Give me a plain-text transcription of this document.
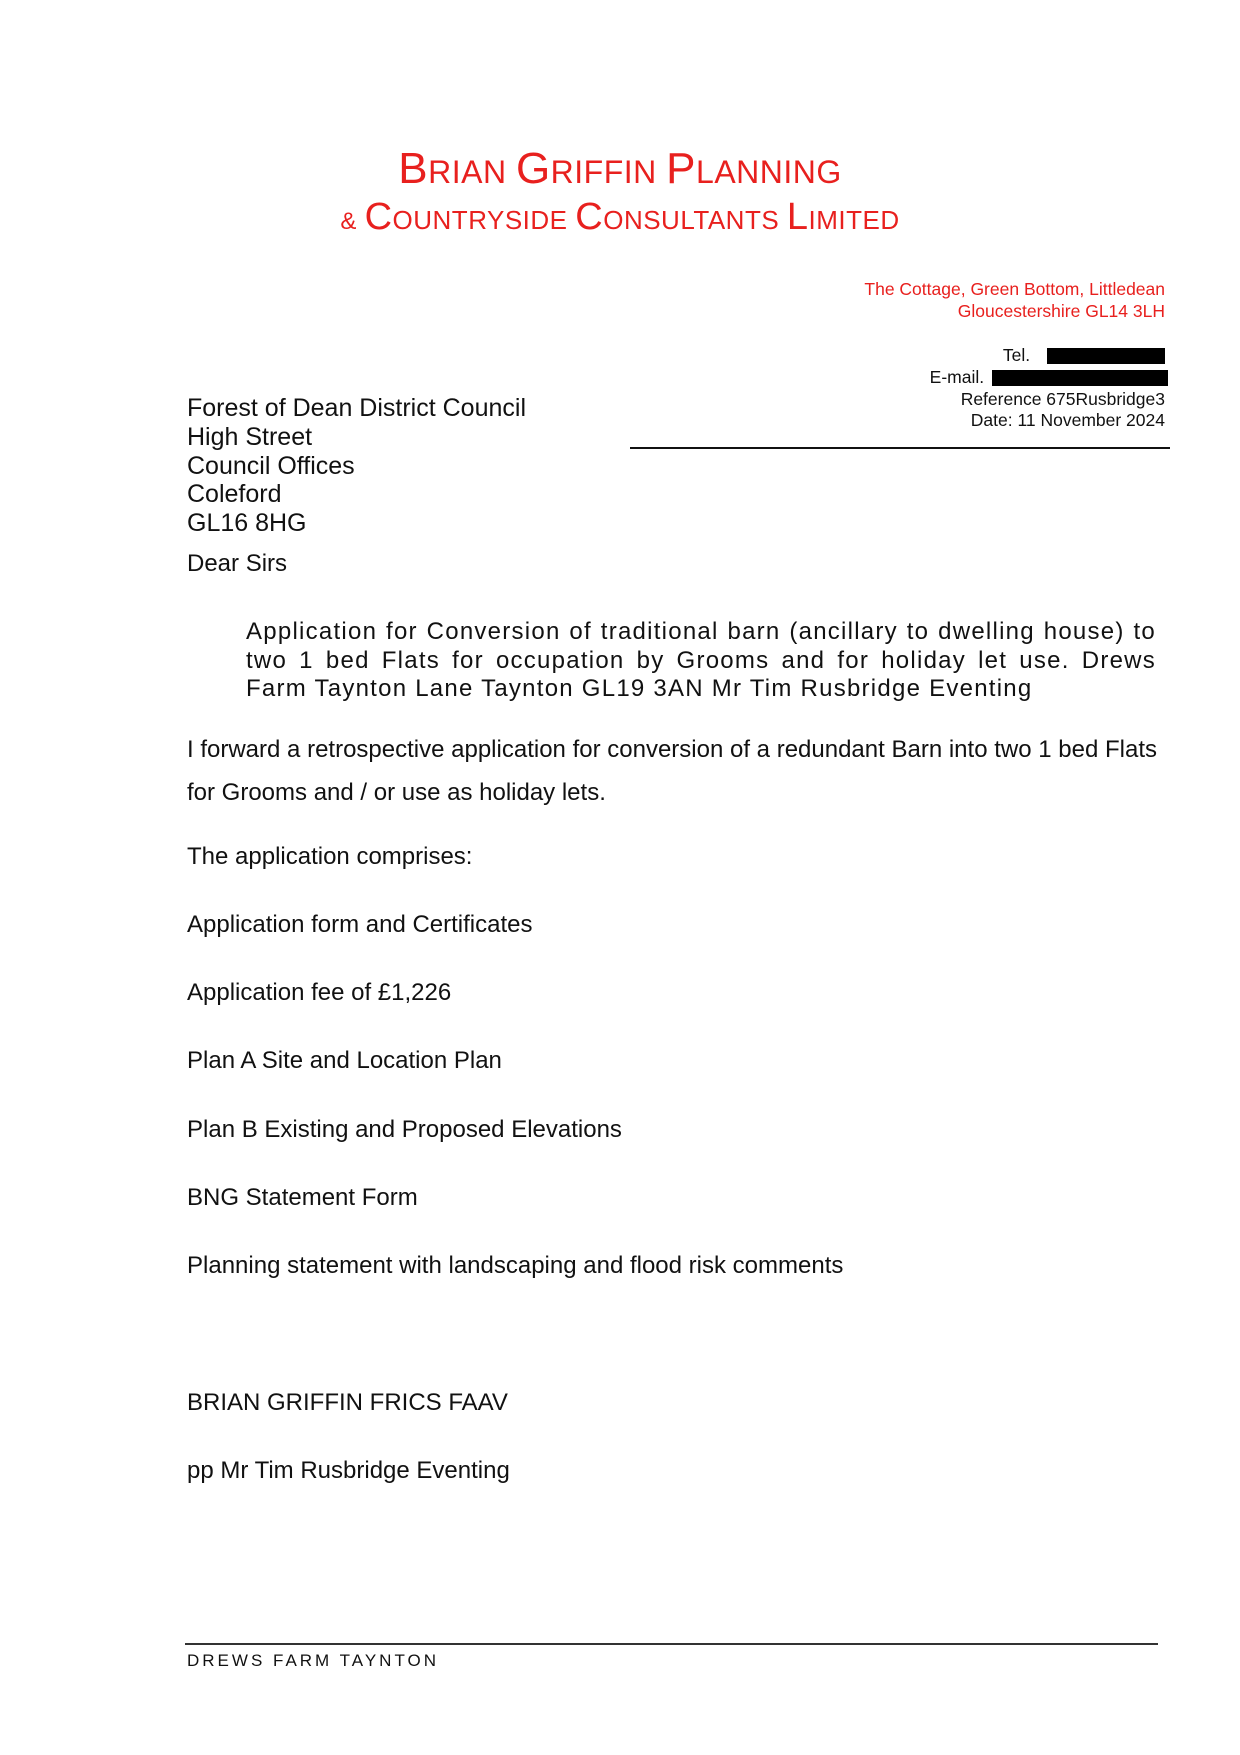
BRIAN GRIFFIN PLANNING
& COUNTRYSIDE CONSULTANTS LIMITED
The Cottage, Green Bottom, Littledean
Gloucestershire GL14 3LH
Tel.
E-mail.
Reference 675Rusbridge3
Date: 11 November 2024
Forest of Dean District Council
High Street
Council Offices
Coleford
GL16 8HG
Dear Sirs
Application for Conversion of traditional barn (ancillary to dwelling house) to two 1 bed Flats for occupation by Grooms and for holiday let use. Drews Farm Taynton Lane Taynton GL19 3AN Mr Tim Rusbridge Eventing
I forward a retrospective application for conversion of a redundant Barn into two 1 bed Flats for Grooms and / or use as holiday lets.
The application comprises:
Application form and Certificates
Application fee of £1,226
Plan A Site and Location Plan
Plan B Existing and Proposed Elevations
BNG Statement Form
Planning statement with landscaping and flood risk comments
BRIAN GRIFFIN FRICS FAAV
pp Mr Tim Rusbridge Eventing
DREWS FARM TAYNTON
